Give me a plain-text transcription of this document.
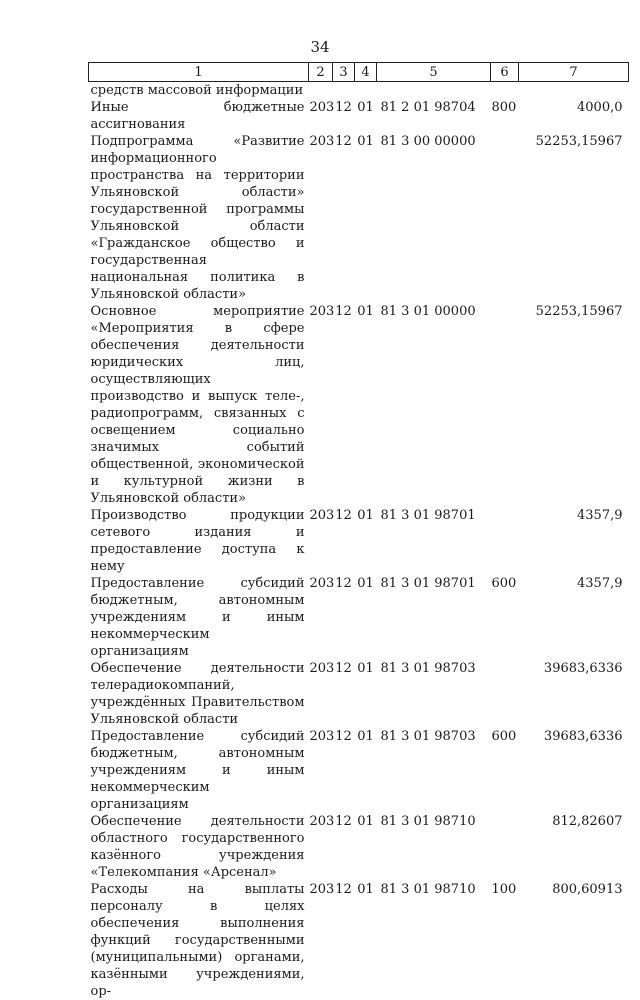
34
1	2	3	4	5	6	7
средств массовой информации						
Иные бюджетные ассигнования	203	12	01	81 2 01 98704	800	4000,0
Подпрограмма «Развитие информационного пространства на территории Ульяновской области» государственной программы Ульяновской области «Гражданское общество и государственная национальная политика в Ульяновской области»	203	12	01	81 3 00 00000		52253,15967
Основное мероприятие «Мероприятия в сфере обеспечения деятельности юридических лиц, осуществляющих производство и выпуск теле-, радиопрограмм, связанных с освещением социально значимых событий общественной, экономической и культурной жизни в Ульяновской области»	203	12	01	81 3 01 00000		52253,15967
Производство продукции сетевого издания и предоставление доступа к нему	203	12	01	81 3 01 98701		4357,9
Предоставление субсидий бюджетным, автономным учреждениям и иным некоммерческим организациям	203	12	01	81 3 01 98701	600	4357,9
Обеспечение деятельности телерадиокомпаний, учреждённых Правительством Ульяновской области	203	12	01	81 3 01 98703		39683,6336
Предоставление субсидий бюджетным, автономным учреждениям и иным некоммерческим организациям	203	12	01	81 3 01 98703	600	39683,6336
Обеспечение деятельности областного государственного казённого учреждения «Телекомпания «Арсенал»	203	12	01	81 3 01 98710		812,82607
Расходы на выплаты персоналу в целях обеспечения выполнения функций государственными (муниципальными) органами, казёнными учреждениями, ор-	203	12	01	81 3 01 98710	100	800,60913
